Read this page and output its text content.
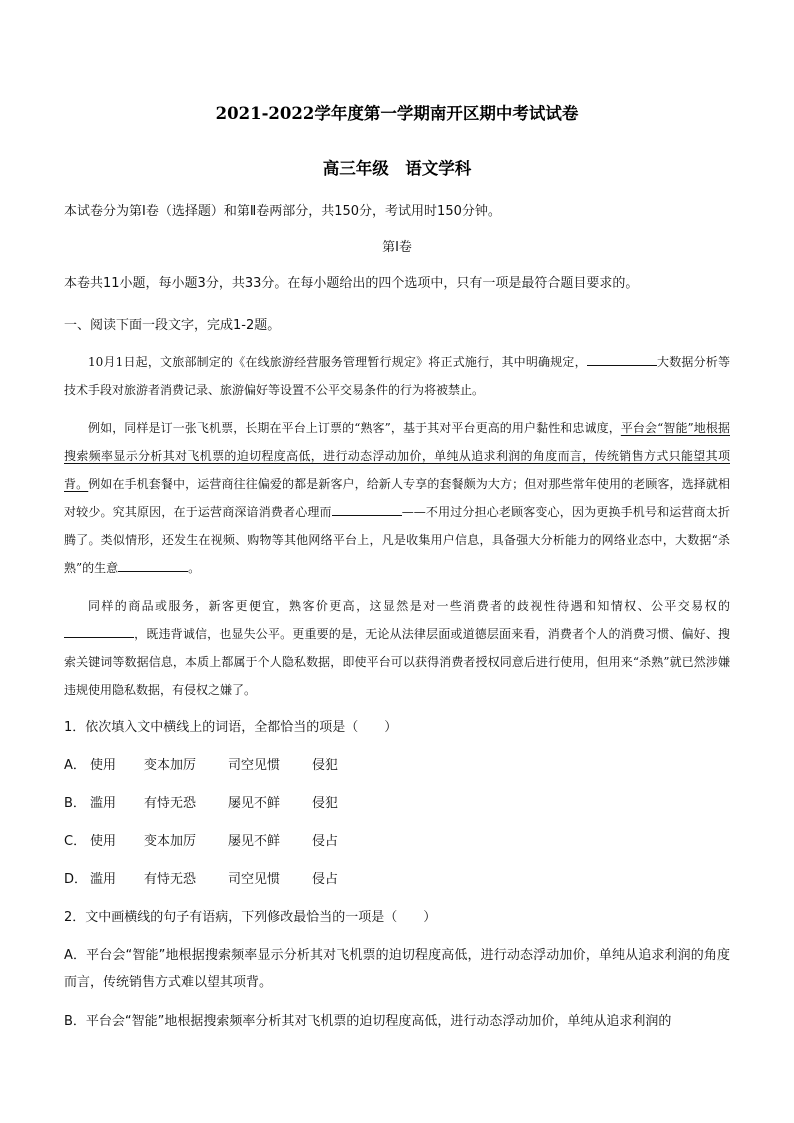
2021-2022学年度第一学期南开区期中考试试卷
高三年级　语文学科
本试卷分为第Ⅰ卷（选择题）和第Ⅱ卷两部分，共150分，考试用时150分钟。
第Ⅰ卷
本卷共11小题，每小题3分，共33分。在每小题给出的四个选项中，只有一项是最符合题目要求的。
一、阅读下面一段文字，完成1-2题。

10月1日起，文旅部制定的《在线旅游经营服务管理暂行规定》将正式施行，其中明确规定，	大数据分析等技术手段对旅游者消费记录、旅游偏好等设置不公平交易条件的行为将被禁止。

例如，同样是订一张飞机票，长期在平台上订票的“熟客”，基于其对平台更高的用户黏性和忠诚度，平台会“智能”地根据搜索频率显示分析其对飞机票的迫切程度高低，进行动态浮动加价，单纯从追求利润的角度而言，传统销售方式只能望其项背。例如在手机套餐中，运营商往往偏爱的都是新客户，给新人专享的套餐颇为大方；但对那些常年使用的老顾客，选择就相对较少。究其原因，在于运营商深谙消费者心理而	——不用过分担心老顾客变心，因为更换手机号和运营商太折腾了。类似情形，还发生在视频、购物等其他网络平台上，凡是收集用户信息，具备强大分析能力的网络业态中，大数据“杀熟”的生意	。

同样的商品或服务，新客更便宜，熟客价更高，这显然是对一些消费者的歧视性待遇和知情权、公平交易权的，既违背诚信，也显失公平。更重要的是，无论从法律层面或道德层面来看，消费者个人的消费习惯、偏好、搜索关键词等数据信息，本质上都属于个人隐私数据，即使平台可以获得消费者授权同意后进行使用，但用来“杀熟”就已然涉嫌违规使用隐私数据，有侵权之嫌了。

1．依次填入文中横线上的词语，全都恰当的项是（　　）
A． 使用 变本加厉 司空见惯 侵犯
B． 滥用 有恃无恐 屡见不鲜 侵犯
C． 使用 变本加厉 屡见不鲜 侵占
D． 滥用 有恃无恐 司空见惯 侵占
2．文中画横线的句子有语病，下列修改最恰当的一项是（　　）
A．平台会“智能”地根据搜索频率显示分析其对飞机票的迫切程度高低，进行动态浮动加价，单纯从追求利润的角度而言，传统销售方式难以望其项背。
B．平台会“智能”地根据搜索频率分析其对飞机票的迫切程度高低，进行动态浮动加价，单纯从追求利润的
